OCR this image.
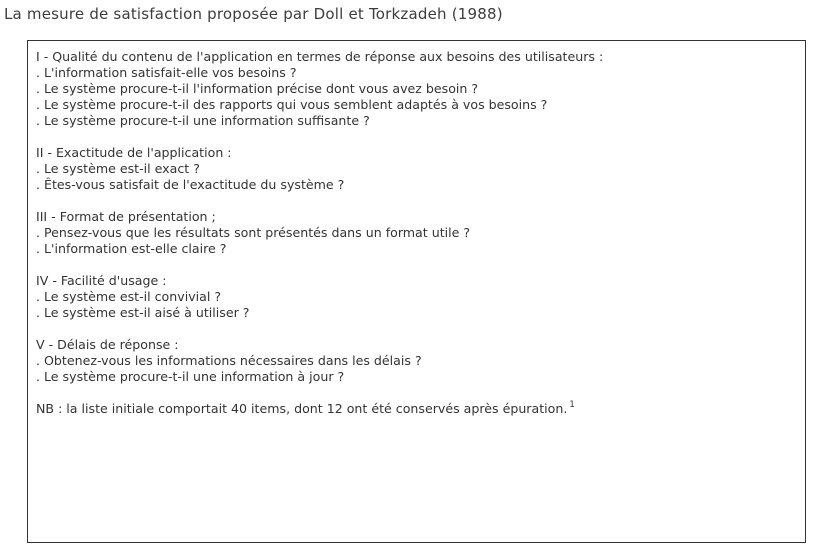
La mesure de satisfaction proposée par Doll et Torkzadeh (1988)
I - Qualité du contenu de l'application en termes de réponse aux besoins des utilisateurs :
. L'information satisfait-elle vos besoins ?
. Le système procure-t-il l'information précise dont vous avez besoin ?
. Le système procure-t-il des rapports qui vous semblent adaptés à vos besoins ?
. Le système procure-t-il une information suffisante ?
II - Exactitude de l'application :
. Le système est-il exact ?
. Êtes-vous satisfait de l'exactitude du système ?
III - Format de présentation ;
. Pensez-vous que les résultats sont présentés dans un format utile ?
. L'information est-elle claire ?
IV - Facilité d'usage :
. Le système est-il convivial ?
. Le système est-il aisé à utiliser ?
V - Délais de réponse :
. Obtenez-vous les informations nécessaires dans les délais ?
. Le système procure-t-il une information à jour ?
NB : la liste initiale comportait 40 items, dont 12 ont été conservés après épuration. $^1$
